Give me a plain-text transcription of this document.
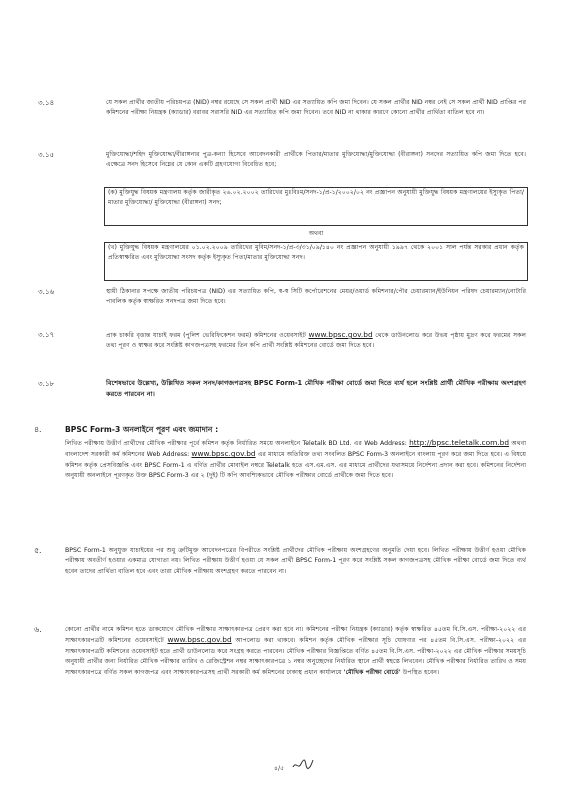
৩.১৪	যে সকল প্রার্থীর জাতীয় পরিচয়পত্র (NID) নম্বর রয়েছে সে সকল প্রার্থী NID এর সত্যায়িত কপি জমা দিবেন। যে সকল প্রার্থীর NID নম্বর নেই সে সকল প্রার্থী NID প্রাপ্তির পর কমিশনের পরীক্ষা নিয়ন্ত্রক (ক্যাডার) বরাবর সরাসরি NID এর সত্যায়িত কপি জমা দিবেন। তবে NID না থাকার কারণে কোনো প্রার্থীর প্রার্থিতা বাতিল হবে না।
৩.১৫	মুক্তিযোদ্ধা/শহিদ মুক্তিযোদ্ধা/বীরাঙ্গনার পুত্র-কন্যা হিসেবে আবেদনকারী প্রার্থীকে পিতার/মাতার মুক্তিযোদ্ধা/মুক্তিযোদ্ধা (বীরাঙ্গনা) সনদের সত্যায়িত কপি জমা দিতে হবে। এক্ষেত্রে সনদ হিসেবে নিম্নের যে কোন একটি গ্রহণযোগ্য বিবেচিত হবে;
(ক) মুক্তিযুদ্ধ বিষয়ক মন্ত্রণালয় কর্তৃক জারীকৃত ২৬.০২.২০০২ তারিখের মুঃবিঃম/সনদ-১/প্র-১/২০০২/০২ নং প্রজ্ঞাপন অনুযায়ী মুক্তিযুদ্ধ বিষয়ক মন্ত্রণালয়ের ইস্যুকৃত পিতা/মাতার মুক্তিযোদ্ধা/ মুক্তিযোদ্ধা (বীরাঙ্গনা) সনদ;
অথবা
(খ) মুক্তিযুদ্ধ বিষয়ক মন্ত্রণালয়ের ০১.০২.২০০৯ তারিখের মুবিম/সনদ-১/প্র-৩/৩১/০৯/১৪০ নং প্রজ্ঞাপন অনুযায়ী ১৯৯৭ থেকে ২০০১ সাল পর্যন্ত সরকার প্রধান কর্তৃক প্রতিস্বাক্ষরিত এবং মুক্তিযোদ্ধা সংসদ কর্তৃক ইস্যুকৃত পিতা/মাতার মুক্তিযোদ্ধা সনদ।
৩.১৬	স্থায়ী ঠিকানার সপক্ষে জাতীয় পরিচয়পত্র (NID) এর সত্যায়িত কপি, স্ব-স্ব সিটি কর্পোরেশনের মেয়র/ওয়ার্ড কমিশনার/পৌর চেয়ারম্যান/ইউনিয়ন পরিষদ চেয়ারম্যান/নোটারি পাবলিক কর্তৃক স্বাক্ষরিত সনদপত্র জমা দিতে হবে।
৩.১৭	প্রাক চাকরি বৃত্তান্ত যাচাই ফরম (পুলিশ ভেরিফিকেশন ফরম) কমিশনের ওয়েবসাইট www.bpsc.gov.bd থেকে ডাউনলোড করে উভয় পৃষ্ঠায় মুদ্রণ করে ফরমের সকল তথ্য পূরণ ও স্বাক্ষর করে সংশ্লিষ্ট কাগজপত্রসহ ফরমের তিন কপি প্রার্থী সংশ্লিষ্ট কমিশনের বোর্ডে জমা দিতে হবে।
৩.১৮	বিশেষভাবে উল্লেখ্য, উল্লিখিত সকল সনদ/কাগজপত্রসহ BPSC Form-1 মৌখিক পরীক্ষা বোর্ডে জমা দিতে ব্যর্থ হলে সংশ্লিষ্ট প্রার্থী মৌখিক পরীক্ষায় অংশগ্রহণ করতে পারবেন না।
৪.	BPSC Form-3 অনলাইনে পূরণ এবং জমাদান :
লিখিত পরীক্ষায় উত্তীর্ণ প্রার্থীদের মৌখিক পরীক্ষার পূর্বে কমিশন কর্তৃক নির্ধারিত সময়ে অনলাইনে Teletalk BD Ltd. এর Web Address: http://bpsc.teletalk.com.bd অথবা বাংলাদেশ সরকারী কর্ম কমিশনের Web Address: www.bpsc.gov.bd এর মাধ্যমে অতিরিক্ত তথ্য সংবলিত BPSC Form-3 অনলাইনে বাংলায় পূরণ করে জমা দিতে হবে। এ বিষয়ে কমিশন কর্তৃক প্রেসবিজ্ঞপ্তি এবং BPSC Form-1 এ বর্ণিত প্রার্থীর মোবাইল নম্বরে Teletalk হতে এস.এম.এস. এর মাধ্যমে প্রার্থীদের যথাসময়ে নির্দেশনা প্রদান করা হবে। কমিশনের নির্দেশনা অনুযায়ী অনলাইনে পূরণকৃত উক্ত BPSC Form-3 এর ২ (দুই) টি কপি আবশ্যিকভাবে মৌখিক পরীক্ষার বোর্ডে প্রার্থীকে জমা দিতে হবে।
৫.	BPSC Form-1 অনুযুক্ত যাচাইয়ের পর শুধু ত্রুটিমুক্ত আবেদনপত্রের বিপরীতে সংশ্লিষ্ট প্রার্থীদের মৌখিক পরীক্ষায় অংশগ্রহণের অনুমতি দেয়া হবে। লিখিত পরীক্ষায় উত্তীর্ণ হওয়া মৌখিক পরীক্ষায় অবতীর্ণ হওয়ার একমাত্র যোগ্যতা নয়। লিখিত পরীক্ষায় উত্তীর্ণ হওয়া যে সকল প্রার্থী BPSC Form-1 পূরণ করে সংশ্লিষ্ট সকল কাগজপত্রসহ মৌখিক পরীক্ষা বোর্ডে জমা দিতে ব্যর্থ হবেন তাদের প্রার্থিতা বাতিল হবে এবং তারা মৌখিক পরীক্ষায় অংশগ্রহণ করতে পারবেন না।
৬.	কোনো প্রার্থীর নামে কমিশন হতে ডাকযোগে মৌখিক পরীক্ষার সাক্ষাৎকারপত্র প্রেরণ করা হবে না। কমিশনের পরীক্ষা নিয়ন্ত্রক (ক্যাডার) কর্তৃক স্বাক্ষরিত ৪৫তম বি.সি.এস. পরীক্ষা-২০২২ এর সাক্ষাৎকারপত্রটি কমিশনের ওয়েবসাইটে www.bpsc.gov.bd আপলোড করা থাকবে। কমিশন কর্তৃক মৌখিক পরীক্ষার সূচি ঘোষণার পর ৪৫তম বি.সি.এস. পরীক্ষা-২০২২ এর সাক্ষাৎকারপত্রটি কমিশনের ওয়েবসাইট হতে প্রার্থী ডাউনলোড করে সংগ্রহ করতে পারবেন। মৌখিক পরীক্ষার বিজ্ঞপ্তিতে বর্ণিত ৪৫তম বি.সি.এস. পরীক্ষা-২০২২ এর মৌখিক পরীক্ষার সময়সূচি অনুযায়ী প্রার্থীর জন্য নির্ধারিত মৌখিক পরীক্ষার তারিখ ও রেজিস্ট্রেশন নম্বর সাক্ষাৎকারপত্রে ১ নম্বর অনুচ্ছেদের নির্ধারিত স্থানে প্রার্থী স্বহস্তে লিখবেন। মৌখিক পরীক্ষার নির্ধারিত তারিখ ও সময় সাক্ষাৎকারপত্রে বর্ণিত সকল কাগজপত্র এবং সাক্ষাৎকারপত্রসহ প্রার্থী সরকারী কর্ম কমিশনের ঢাকাস্থ প্রধান কার্যালয়ে 'মৌখিক পরীক্ষা বোর্ডে' উপস্থিত হবেন।
৪/৫
